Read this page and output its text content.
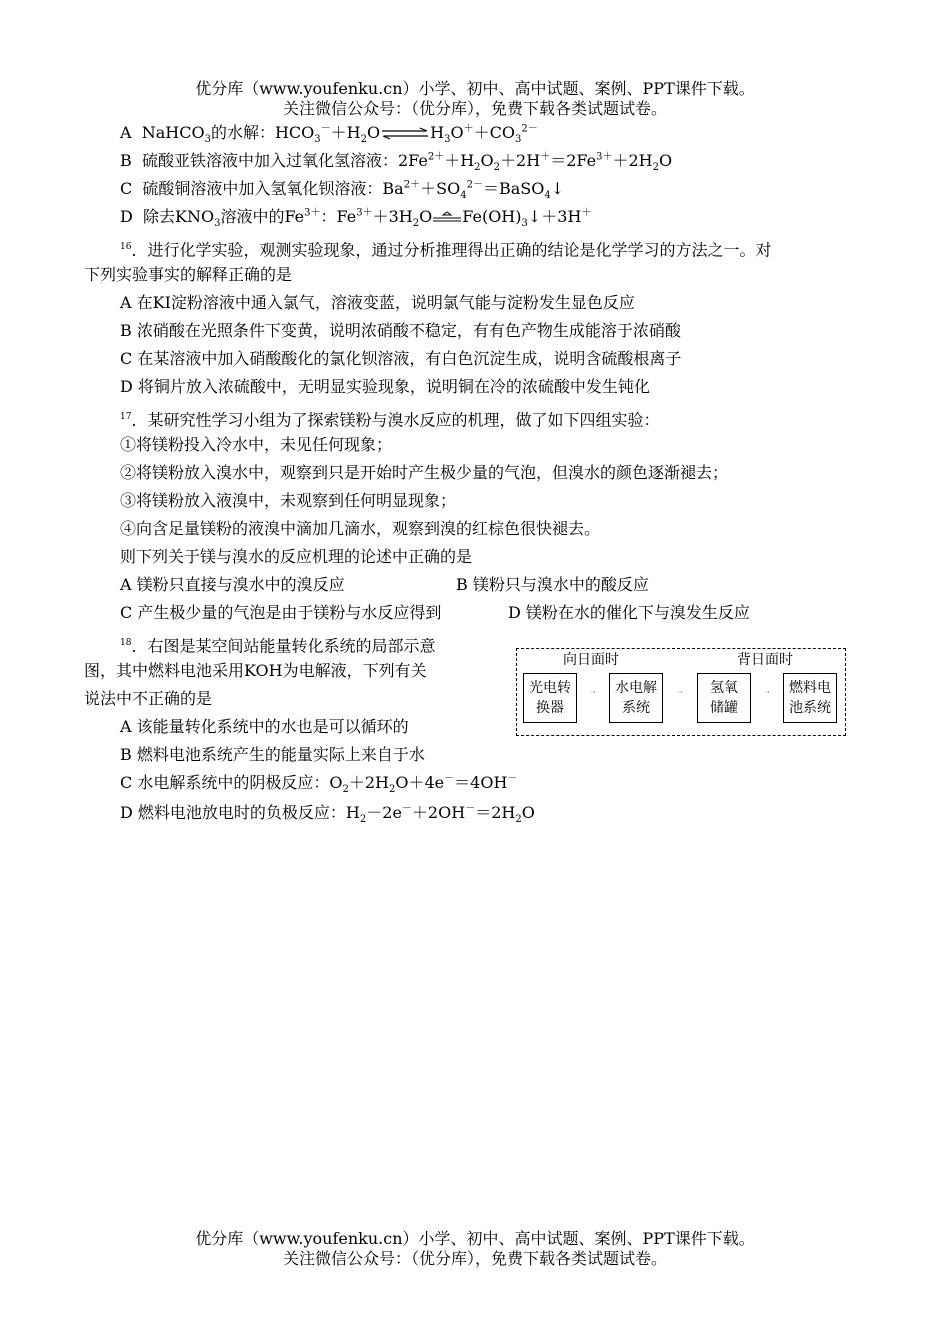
优分库（www.youfenku.cn）小学、初中、高中试题、案例、PPT课件下载。
关注微信公众号：（优分库），免费下载各类试题试卷。
A NaHCO$_3$的水解：$HCO_3^-+H_2O\rightleftharpoons H_3O^++CO_3^{2-}$
B 硫酸亚铁溶液中加入过氧化氢溶液：$2Fe^{2+}+H_2O_2+2H^+=2Fe^{3+}+2H_2O$
C 硫酸铜溶液中加入氢氧化钡溶液：$Ba^{2+}+SO_4^{2-}=BaSO_4↓$
D 除去$KNO_3$溶液中的$Fe^{3+}$：$Fe^{3+}+3H_2O$ $Fe(OH)_3↓+3H^+$
$^{16}$．进行化学实验，观测实验现象，通过分析推理得出正确的结论是化学学习的方法之一。对
下列实验事实的解释正确的是
A 在KI淀粉溶液中通入氯气，溶液变蓝，说明氯气能与淀粉发生显色反应
B 浓硝酸在光照条件下变黄，说明浓硝酸不稳定，有有色产物生成能溶于浓硝酸
C 在某溶液中加入硝酸酸化的氯化钡溶液，有白色沉淀生成，说明含硫酸根离子
D 将铜片放入浓硫酸中，无明显实验现象，说明铜在冷的浓硫酸中发生钝化
$^{17}$．某研究性学习小组为了探索镁粉与溴水反应的机理，做了如下四组实验：
①将镁粉投入冷水中，未见任何现象；
②将镁粉放入溴水中，观察到只是开始时产生极少量的气泡，但溴水的颜色逐渐褪去；
③将镁粉放入液溴中，未观察到任何明显现象；
④向含足量镁粉的液溴中滴加几滴水，观察到溴的红棕色很快褪去。
则下列关于镁与溴水的反应机理的论述中正确的是
A 镁粉只直接与溴水中的溴反应	B 镁粉只与溴水中的酸反应
C 产生极少量的气泡是由于镁粉与水反应得到	D 镁粉在水的催化下与溴发生反应
$^{18}$．右图是某空间站能量转化系统的局部示意
图，其中燃料电池采用KOH为电解液，下列有关
说法中不正确的是
A 该能量转化系统中的水也是可以循环的
B 燃料电池系统产生的能量实际上来自于水
C 水电解系统中的阴极反应：$O_2+2H_2O+4e^-=4OH^-$
D 燃料电池放电时的负极反应：$H_2-2e^-+2OH^-=2H_2O$
向日面时	背日面时
光电转
换器
水电解
系统
氢氧
储罐
燃料电
池系统
优分库（www.youfenku.cn）小学、初中、高中试题、案例、PPT课件下载。
关注微信公众号：（优分库），免费下载各类试题试卷。
